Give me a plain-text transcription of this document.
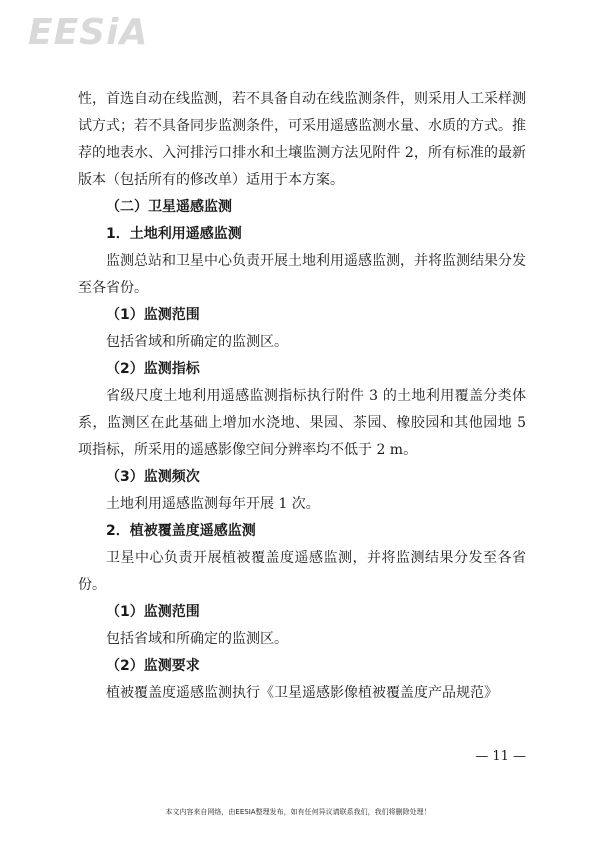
EESiA

性，首选自动在线监测，若不具备自动在线监测条件，则采用人工采样测试方式；若不具备同步监测条件，可采用遥感监测水量、水质的方式。推荐的地表水、入河排污口排水和土壤监测方法见附件 2，所有标准的最新版本（包括所有的修改单）适用于本方案。

（二）卫星遥感监测

1．土地利用遥感监测

监测总站和卫星中心负责开展土地利用遥感监测，并将监测结果分发至各省份。

（1）监测范围

包括省域和所确定的监测区。

（2）监测指标

省级尺度土地利用遥感监测指标执行附件 3 的土地利用覆盖分类体系，监测区在此基础上增加水浇地、果园、茶园、橡胶园和其他园地 5 项指标，所采用的遥感影像空间分辨率均不低于 2 m。

（3）监测频次

土地利用遥感监测每年开展 1 次。

2．植被覆盖度遥感监测

卫星中心负责开展植被覆盖度遥感监测，并将监测结果分发至各省份。

（1）监测范围

包括省域和所确定的监测区。

（2）监测要求

植被覆盖度遥感监测执行《卫星遥感影像植被覆盖度产品规范》

— 11 —
本文内容来自网络，由EESIA整理发布，如有任何异议请联系我们，我们将删除处理！
